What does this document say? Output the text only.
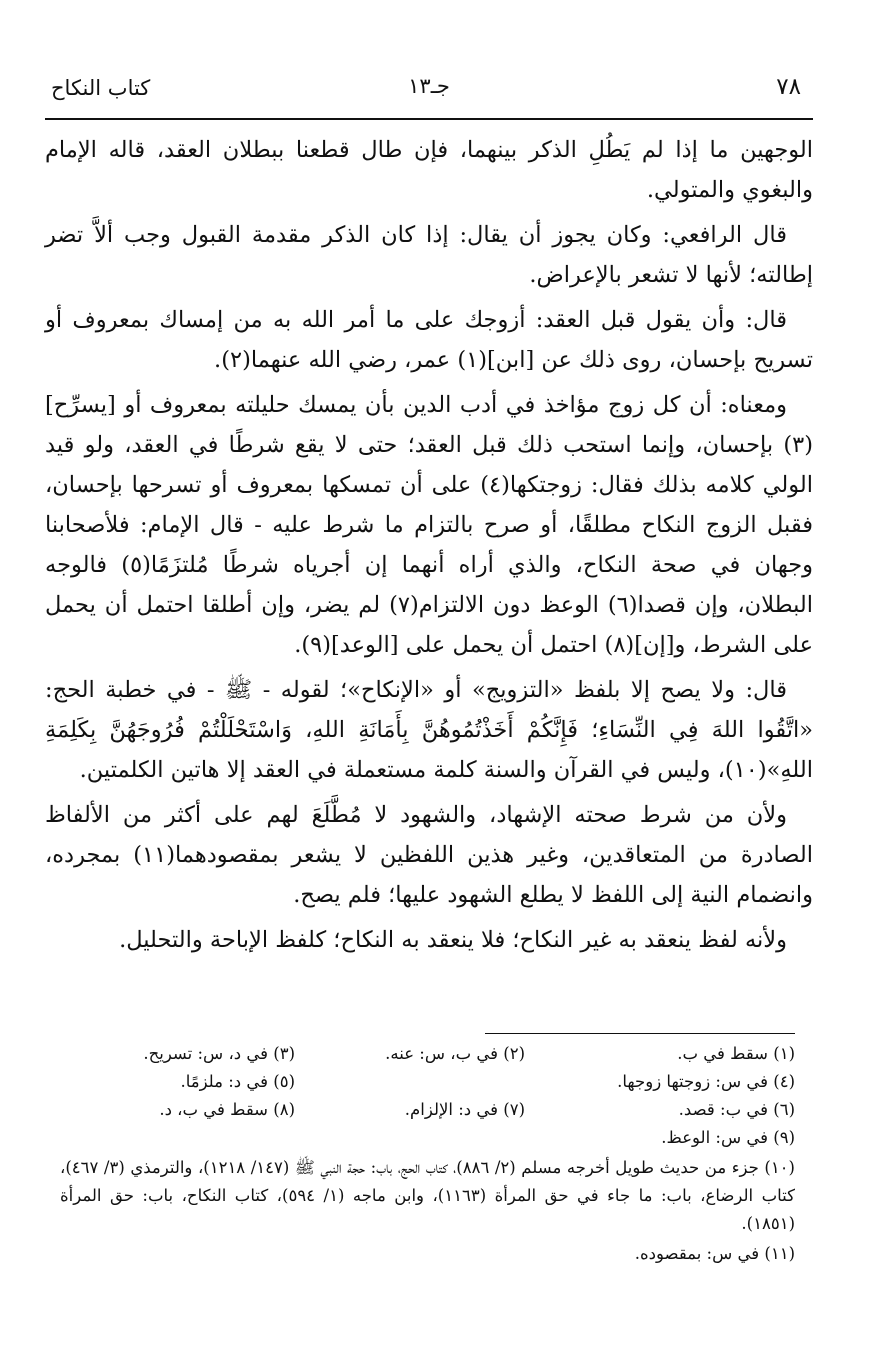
٧٨
جـ١٣
كتاب النكاح

الوجهين ما إذا لم يَطُلِ الذكر بينهما، فإن طال قطعنا ببطلان العقد، قاله الإمام والبغوي والمتولي.

قال الرافعي: وكان يجوز أن يقال: إذا كان الذكر مقدمة القبول وجب ألاَّ تضر إطالته؛ لأنها لا تشعر بالإعراض.

قال: وأن يقول قبل العقد: أزوجك على ما أمر الله به من إمساك بمعروف أو تسريح بإحسان، روى ذلك عن [ابن](١) عمر، رضي الله عنهما(٢).

ومعناه: أن كل زوج مؤاخذ في أدب الدين بأن يمسك حليلته بمعروف أو [يسرِّح](٣) بإحسان، وإنما استحب ذلك قبل العقد؛ حتى لا يقع شرطًا في العقد، ولو قيد الولي كلامه بذلك فقال: زوجتكها(٤) على أن تمسكها بمعروف أو تسرحها بإحسان، فقبل الزوج النكاح مطلقًا، أو صرح بالتزام ما شرط عليه - قال الإمام: فلأصحابنا وجهان في صحة النكاح، والذي أراه أنهما إن أجرياه شرطًا مُلتزَمًا(٥) فالوجه البطلان، وإن قصدا(٦) الوعظ دون الالتزام(٧) لم يضر، وإن أطلقا احتمل أن يحمل على الشرط، و[إن](٨) احتمل أن يحمل على [الوعد](٩).

قال: ولا يصح إلا بلفظ «التزويج» أو «الإنكاح»؛ لقوله - ﷺ - في خطبة الحج: «اتَّقُوا اللهَ فِي النِّسَاءِ؛ فَإِنَّكُمْ أَخَذْتُمُوهُنَّ بِأَمَانَةِ اللهِ، وَاسْتَحْلَلْتُمْ فُرُوجَهُنَّ بِكَلِمَةِ اللهِ»(١٠)، وليس في القرآن والسنة كلمة مستعملة في العقد إلا هاتين الكلمتين.

ولأن من شرط صحته الإشهاد، والشهود لا مُطَّلَعَ لهم على أكثر من الألفاظ الصادرة من المتعاقدين، وغير هذين اللفظين لا يشعر بمقصودهما(١١) بمجرده، وانضمام النية إلى اللفظ لا يطلع الشهود عليها؛ فلم يصح.

ولأنه لفظ ينعقد به غير النكاح؛ فلا ينعقد به النكاح؛ كلفظ الإباحة والتحليل.

(١) سقط في ب.
(٢) في ب، س: عنه.
(٣) في د، س: تسريح.
(٤) في س: زوجتها زوجها.
(٥) في د: ملزمًا.
(٦) في ب: قصد.
(٧) في د: الإلزام.
(٨) سقط في ب، د.
(٩) في س: الوعظ.
(١٠) جزء من حديث طويل أخرجه مسلم (٢/ ٨٨٦)، كتاب الحج، باب: حجة النبي ﷺ (١٤٧/ ١٢١٨)، والترمذي (٣/ ٤٦٧)، كتاب الرضاع، باب: ما جاء في حق المرأة (١١٦٣)، وابن ماجه (١/ ٥٩٤)، كتاب النكاح، باب: حق المرأة (١٨٥١).
(١١) في س: بمقصوده.
